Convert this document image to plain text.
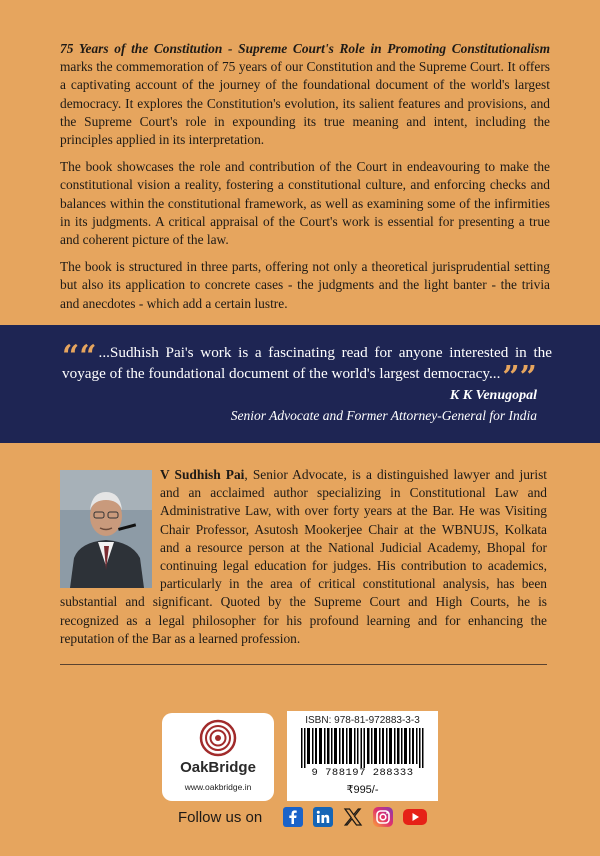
75 Years of the Constitution - Supreme Court's Role in Promoting Constitutionalism marks the commemoration of 75 years of our Constitution and the Supreme Court. It offers a captivating account of the journey of the foundational document of the world's largest democracy. It explores the Constitution's evolution, its salient features and provisions, and the Supreme Court's role in expounding its true meaning and intent, including the principles applied in its interpretation.

The book showcases the role and contribution of the Court in endeavouring to make the constitutional vision a reality, fostering a constitutional culture, and enforcing checks and balances within the constitutional framework, as well as examining some of the infirmities in its judgments. A critical appraisal of the Court's work is essential for presenting a true and coherent picture of the law.

The book is structured in three parts, offering not only a theoretical jurisprudential setting but also its application to concrete cases - the judgments and the light banter - the trivia and anecdotes - which add a certain lustre.

““ ...Sudhish Pai's work is a fascinating read for anyone interested in the voyage of the foundational document of the world's largest democracy...””
K K Venugopal
Senior Advocate and Former Attorney-General for India
V Sudhish Pai, Senior Advocate, is a distinguished lawyer and jurist and an acclaimed author specializing in Constitutional Law and Administrative Law, with over forty years at the Bar. He was Visiting Chair Professor, Asutosh Mookerjee Chair at the WBNUJS, Kolkata and a resource person at the National Judicial Academy, Bhopal for continuing legal education for judges. His contribution to academics, particularly in the area of critical constitutional analysis, has been substantial and significant. Quoted by the Supreme Court and High Courts, he is recognized as a legal philosopher for his profound learning and for enhancing the reputation of the Bar as a learned profession.
OakBridge
www.oakbridge.in
ISBN: 978-81-972883-3-3
9 788197 288333
₹995/-
Follow us on
